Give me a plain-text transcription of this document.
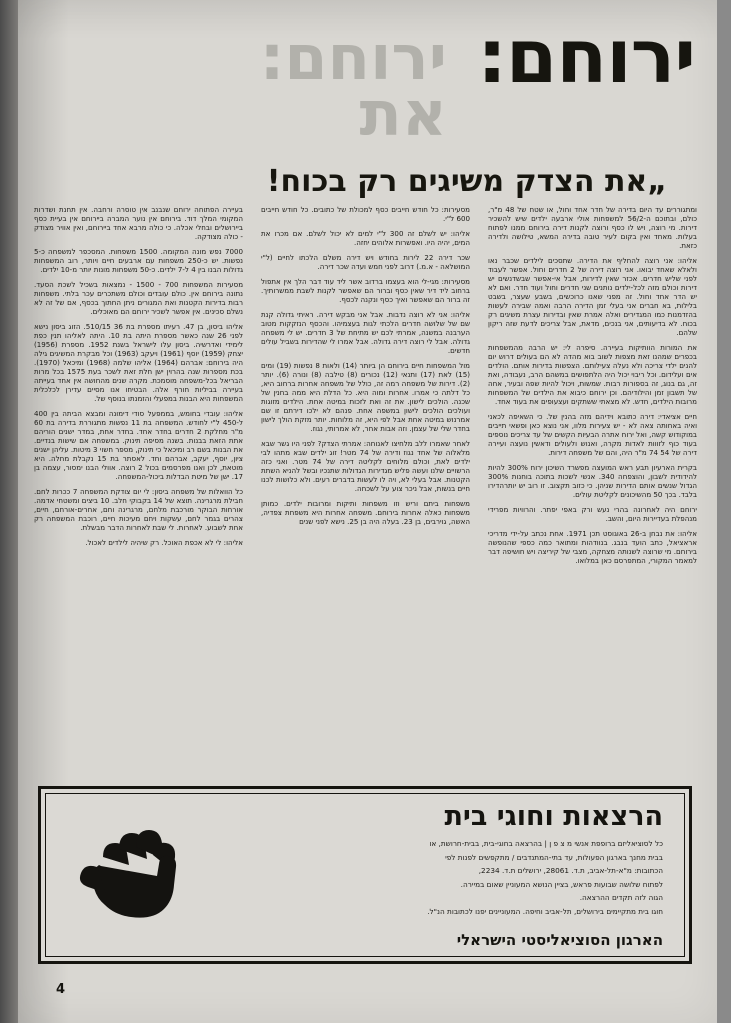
ירוחם: את
ירוחם:
„את הצדק משיגים רק בכוח!

ומתגוררים עד היום בדירה של חדר אחד וחול, או שטח של 48 מ"ר, כולם, ובתוכם ה-56/2 למשפחות אולי ארבעה ילדים שיש להשכיר דירות. מי רוצה, ויש לו כסף ורוצה לקנות דירה בירוחם ממנו לפתוח בעלות. מאחד ואין בקום לעיר טובה בדירה המשא, טילושה ולדירה כזאת.

אליהו: אני רוצה להחליף את הדירה. שתסכים לילדים שכבר נאו ולאלא שאחד יבואו. אני רוצה דירה של 2 חדרים וחול. אפשר לעבוד לפני שליש חדרים. אכזר שאין לדירות, אבל אי-אפשר שבשדנשים יש דירות וכולם מזה לכל-ילדים נותנים שני חדרים וחול ועוד חדר. ואם לא יש הדר אחד וחול. זה מפני שאנו כרוכשים, בשבע שעצר, בשבט בלילות, בא חברים אני בעלי זמן הדירה הרבה ואמה שבירה לעשות בהזדמנות כמו המגדירים ואלה אמרת שאין ובדירות עצרת משיגים רק בכוח. לא בדיעותים, אני בנכים, מדאת, אבל צריכים לדעת שזה ריקון שלהם.

את המורות הוותיקות בעיירה. סיפרה לי: יש הרבה מהמשפחות בכפרים שמהנו זאת מצפות לשוב בוא מהדה לא הם בעולים דרוש יום להנים ילדי צריכה ולא נעלה צעילותם. הצפשות בדירות אותם. הולדים אים ועלידום. וכל ריבוי יכול היה הלתפושים במשהם הרב, נעבודה, ואת זה, גם בנוג, זה בספורות רבות. שמשות, ויכול להיות שפה ובעיר, אחה של תשבון זמן והילודיהם. וכן ירוחם כיבוא את הילדים של המשפחות מרובות הילדים, חדש. לא מצאתי ששתקים ועצעופים את בעוד אחד.

חיים אציאדי: דירה כתובא וידיהם מזה בהנין של. כי השאיפה לכאני ואיה באחותה צאה לא - יש צעירות מלוו, אני נוצא כאן ופשאי תייבים במוקודוש קשה, ואל ירוח אתרה הבעיות הקשים של עד צריכים נוספים בעוד כוף לזווות לאדות מקרה, ואנוש ולעולים ודאשין נועצה ועיירה דירה של 54 74 מ"ר היה, והם של משפחה דירות.

בקרית הארעיון תבע ראש המועצה מפשרד השיכון ירוח 300% להיות להידודית לשבון, והוצפחה 340. אנשי לשכות בתוכה בוחנות 300% הגדול שנשים אותם הדירות שניהן. כי כזוב תקצוב. זו רוב יש יותרהדירו בלבד. בכך 50 מהשיכונים לקליטת עולים.

ירוחם היה לאחרונה בהרי נעש ורק באפי יפתר. והרוויות מפרידי מנהפלת בעדיירות היום, והשב.

אליהו: את נבחן ב-26 באוגוסט תכן 1971. אחת נכתב על-ידי מדריכי אראציאל, כתב הועד בנבג. בנוודהות ומתואר כמה כספי שהנופשה בירוחם. מי שרוצה לשנותה מצחקה, מצבי של קיריצה ויש חושיפה דבר למאמר המקורי, המתפרסם כאן במלואו.

מסעירות: כל חודש חייבים כסף למכולת של כתובים. כל חודש חייבים 600 ל"י.

אליהו: יש לשלם זה 300 ל"י למים לא יכול לשלם. אם מכרו את המים, יהיה היו. ואפשרות אלוהים יחזה.

שכר דירה 22 לירות בחודש ויש דירה משלם הלכתו לחיים (ל"י המושלאה - א.מ.) דרוב לפני חמש ועדה שכר דירה.

מסעירות: מגי-לי הוא בעצמו ברדוב אשר ליד עוד דבר הלך אין אתפול ברחוב ליד דיר שאין כסף וברור הם שאפשר לקנות לשבת ממשרותיך. זה ברור הם שאפשר ואיך כסף ונקנה לכסף.

אליהו: אני לא רוצה נדבות. אבל אני מבקש דירה. ראיתי גדולה קנת שם של שלושה חדרים הלכתי לגות בעצמיהו. והכסף הנזקקות מטוב הערבנה במשנה, אמרתי לכם יש מתיחת של 3 חדרים. יש לי משפחה גדולה. אבל לי רוצה דירה גדולה. אבל אמרו לי שהדירות בשביל עולים חדשים.

מול המשפחות חיים בירוחם הן ביותר (14) ולאות 8 נפשות (19) ומים (15) לאת (17) ותנאי (12) נכורים (8) טילבה (8) ונורה (6). יותר (2). דירות של משפחה רמה זה, כולל של משפחה אחרות ברחוב היא, כל דלתה כי אמרו. אחרות ומוה היא. כל הדלת היא ממה בחנין של שכנה. הולכים לישון. את זה ואת לזכות במיטה אחת. הילדים מזוגות ועולכים הולכים לישון במשפה אחת. פנהם לא ילכו דירתם זו שם אמרנוש במיטה אחת אבל לפי היא, זה מלוחות. יותר מזקת הולך לישון בחדר שלי של עצמן. וזה אבות אחר, לא אמרותי, נגוז.

לאחר שאמרו ללב מלחיצו לאנוחה: אמרתי הצדק? לפני היו גשר שבא מלאלוה של אחד נגוז ודירה של 74 מטר! זוג ילדים שבא מתהו לבי ילדים לאת, וכולם מלוחים לקליטה דירה של 74 מטר. ואני כזה הרשויים שלנו ועשה פליש מגדירות הגדולות שתנכיו ובשל להניא השתת הקטנות. אבל בעלי לא, ויה לו לעשות בדברים רעים. ולא כלושות לכנו חיים בנשות, אבל ניכר צוע על לשכחה.

משפחות ביתם וריש וזו משפחות ותיקות ומרובות ילדים. כמותן משפחות כאלה אחרות בירוחם. משפחה אחרות היא משפחת צפדיה, האשה, גוירבים, בן 23. בעלה היה בן 25. נישא לפני שנים

בעיירה הפתוחה ירוחם שנבנב אין טוסרה ורחבה. אין תחנת ושדרות המקומי המלך דוד. בירוחם אין נוער המברה ביירוחם אין בעיית כסף ביירושלים ובחלי אכלה. כי כולה מרבא אחד ביירוחם, ואין אוויר מצודק - כולה מצודקה.

7000 נפש מונה המקומה. 1500 משפחות. המסכפר למשפחה כ-5 נפשות. יש כ-250 משפחות עם ארבעים חיים ויותר, רוב המשפחות גדולות הבנו בין 4 ל-7 ילדים. כ-50 משפחות מונות יותר מ-10 ילדים.

מסעירות המשפחות 700 - 1500 - נמצאות בשכיל לשכת הסעד. נתונה בירוחם אין. כולם עובדים וכולם משתכרים עכר בלתי. משפחות רבות בדירות הקטנות ואת המגורים ניתן החתוך בכסף, אם של זה לא נשלם סכינים. אין אפשר לשכיר ירוחם הם מאוכלים.

אליהו ביסון, בן 47. רעיתו מספרת בת 36 510/15. הזוג ביסון נישא לפני 26 שנה כאשר מספרת היתה בת 10. היתה לאליהו תנין כפת לימידי ואדרשיה. ביסון עלו לישראל בשנת 1952. מספרת (1956) יצחק (1959) יוסף (1961) ויעקב (1963) וכל מבקרת המשיגים גילה היה בירוחם: אברהם (1964) אליהו שלמה (1968) ומיכאל (1970). בכת מספרות שנה בהרוין ישן חלת זאת לשכר בעת 1575 בכל מרות הבריאל בכל-משפחה מוסמכת. מקרה שנים מהחושה אין אחד בעייתה בעיירה בביליות חורף אלה. הבטיחו אנו מסיים עדירן לכלכלית המשפחות היא הבנות במפעלי והזמנתו בנוסף של.

אליהו: עובדי בחומש, בממפעל סודי דימונה ומבצא הביתה בין 400 ל-450 ל"י לחודש. המשפחה בת 11 נפשות מתגוררת בדירה בת 60 מ"ר מחלקת 2 חדרים בחדר אחד. בחדר אחת, במדר ישנים הוריהם אתת הזאת בבנות. בשנה מסיפה תינוק. במשפחה אם שישות בנדיים. את הבנות בשם רב ומיכאל כי תינוק, מספר חשוי 3 מיטות. עליהן ישנים ציון, יוסף, יעקב, אברהם וחד. לאסתר בת 15 נקבלת מחלה. היא מוטאת, לכן ואנו מפרסמים בכול 2 רוצה. אוולי הבנו ימסור, עצמה בן 17. ישן של מיטת הבדלות ביכול-המשפחה.

כל הוואלות של משפחה ביסון: לי יום צודקת המשפחה 7 ככרות לחם. חבילת מרגרינה. תוצא של 14 בקבוקי חלב. 10 ביצים ומשטחי אדמה. אורחות הבוקר מורכבת מלחם, מרגרינה וחם, אחרים-אורחם, חיים, צהרים בגמר לחם, עשקות ויחם מעיכות חיים, רוכבת המשפחה רק אחת לשבוע. לאחרות. לי שבת לאחרות הדבר מבשלת.

אליהו: לי לא אכפת האוכל. רק שיהיה לילדים לאכול.

הרצאות וחוגי בית

כל לסוציאליזם ברופפת אנשי מ צ פ ן | בהרצאה בחוגי-בית, בבית-חרושת, או

בבית מחנך בארגון הפעולות, עד בתי-המתנדבים / מתקפשים לפנות לפי

הכתובות: מ"א-תל-אביב, ת.ד. 28061, ירושלים ת.ד. 2234,

לפתוח שלושה שבועות פראש, בציין הנושא המעוניין שאום במיירה.

הגוה לזה תקדים ההרצאה.

חוגו בית מתקיימים בירושלים, תל-אביב וחיפה. המעוניינים יפנו לכתובות הנ"ל.

הארגון הסוציאליסטי הישראלי
4
